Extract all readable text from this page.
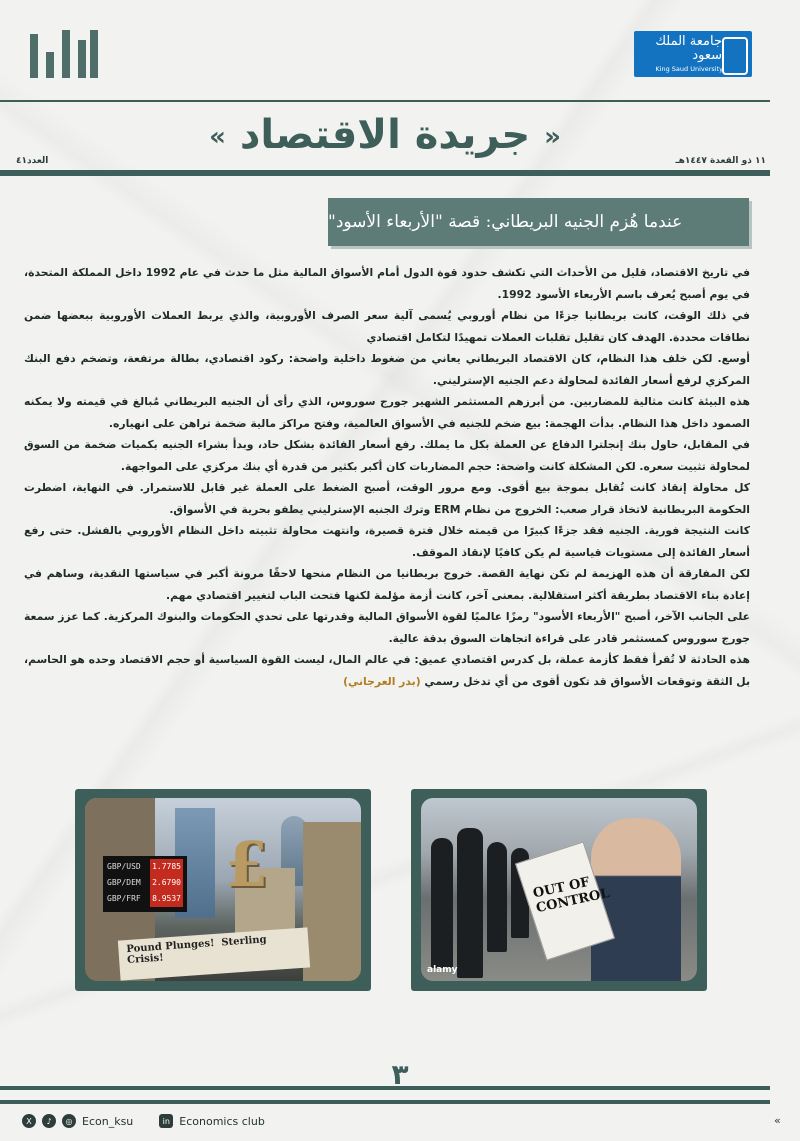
جامعة الملك سعود
King Saud University
« جريدة الاقتصاد »
العدد٤١	١١ ذو القعدة ١٤٤٧هـ
عندما هُزم الجنيه البريطاني: قصة "الأربعاء الأسود"

في تاريخ الاقتصاد، قليل من الأحداث التي تكشف حدود قوة الدول أمام الأسواق المالية مثل ما حدث في عام 1992 داخل المملكة المتحدة، في يوم أصبح يُعرف باسم الأربعاء الأسود 1992.

في ذلك الوقت، كانت بريطانيا جزءًا من نظام أوروبي يُسمى آلية سعر الصرف الأوروبية، والذي يربط العملات الأوروبية ببعضها ضمن نطاقات محددة. الهدف كان تقليل تقلبات العملات تمهيدًا لتكامل اقتصادي

أوسع. لكن خلف هذا النظام، كان الاقتصاد البريطاني يعاني من ضغوط داخلية واضحة: ركود اقتصادي، بطالة مرتفعة، وتضخم دفع البنك المركزي لرفع أسعار الفائدة لمحاولة دعم الجنيه الإسترليني.

هذه البيئة كانت مثالية للمضاربين. من أبرزهم المستثمر الشهير جورج سوروس، الذي رأى أن الجنيه البريطاني مُبالغ في قيمته ولا يمكنه الصمود داخل هذا النظام. بدأت الهجمة: بيع ضخم للجنيه في الأسواق العالمية، وفتح مراكز مالية ضخمة تراهن على انهياره.

في المقابل، حاول بنك إنجلترا الدفاع عن العملة بكل ما يملك. رفع أسعار الفائدة بشكل حاد، وبدأ بشراء الجنيه بكميات ضخمة من السوق لمحاولة تثبيت سعره. لكن المشكلة كانت واضحة: حجم المضاربات كان أكبر بكثير من قدرة أي بنك مركزي على المواجهة.

كل محاولة إنقاذ كانت تُقابل بموجة بيع أقوى. ومع مرور الوقت، أصبح الضغط على العملة غير قابل للاستمرار. في النهاية، اضطرت الحكومة البريطانية لاتخاذ قرار صعب: الخروج من نظام ERM وترك الجنيه الإسترليني يطفو بحرية في الأسواق.

كانت النتيجة فورية. الجنيه فقد جزءًا كبيرًا من قيمته خلال فترة قصيرة، وانتهت محاولة تثبيته داخل النظام الأوروبي بالفشل. حتى رفع أسعار الفائدة إلى مستويات قياسية لم يكن كافيًا لإنقاذ الموقف.

لكن المفارقة أن هذه الهزيمة لم تكن نهاية القصة. خروج بريطانيا من النظام منحها لاحقًا مرونة أكبر في سياستها النقدية، وساهم في إعادة بناء الاقتصاد بطريقة أكثر استقلالية. بمعنى آخر، كانت أزمة مؤلمة لكنها فتحت الباب لتغيير اقتصادي مهم.

على الجانب الآخر، أصبح "الأربعاء الأسود" رمزًا عالميًا لقوة الأسواق المالية وقدرتها على تحدي الحكومات والبنوك المركزية. كما عزز سمعة جورج سوروس كمستثمر قادر على قراءة اتجاهات السوق بدقة عالية.

هذه الحادثة لا تُقرأ فقط كأزمة عملة، بل كدرس اقتصادي عميق: في عالم المال، ليست القوة السياسية أو حجم الاقتصاد وحده هو الحاسم، بل الثقة وتوقعات الأسواق قد تكون أقوى من أي تدخل رسمي (بدر العرجاني)

GBP/USD 1.7785
GBP/DEM 2.6790
GBP/FRF 8.9537 £
Pound Plunges! Sterling Crisis!
OUT OF CONTROL
alamy
٣
X	♪	◎ Econ_ksu	in Economics club	«
